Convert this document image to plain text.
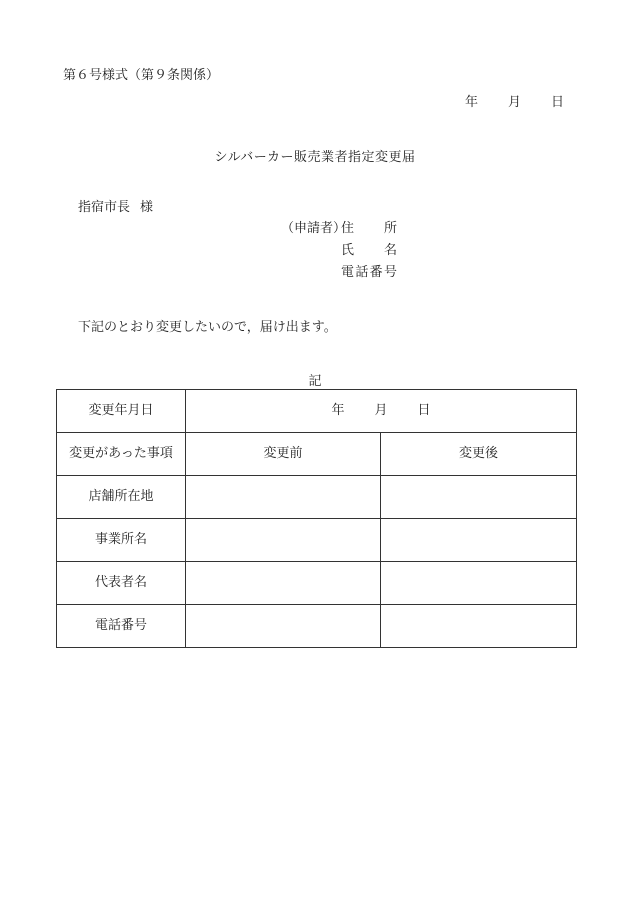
第６号様式（第９条関係）
年 月 日
シルバーカー販売業者指定変更届
指宿市長 様
（申請者）
住　所
氏　名
電話番号
下記のとおり変更したいので，届け出ます。
記
変更年月日	年 月 日	
変更があった事項	変更前	変更後
店舗所在地		
事業所名		
代表者名		
電話番号		
